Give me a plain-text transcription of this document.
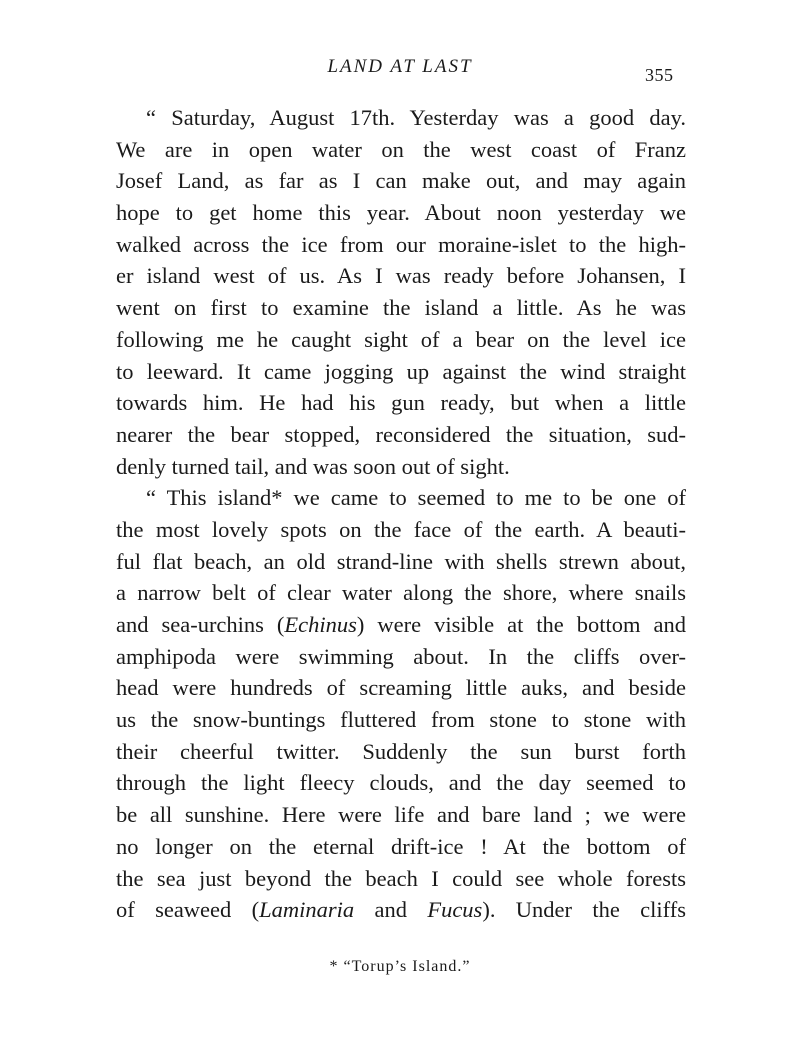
LAND AT LAST	355
“ Saturday, August 17th. Yesterday was a good day.
We are in open water on the west coast of Franz
Josef Land, as far as I can make out, and may again
hope to get home this year. About noon yesterday we
walked across the ice from our moraine-islet to the high-
er island west of us. As I was ready before Johansen, I
went on first to examine the island a little. As he was
following me he caught sight of a bear on the level ice
to leeward. It came jogging up against the wind straight
towards him. He had his gun ready, but when a little
nearer the bear stopped, reconsidered the situation, sud-
denly turned tail, and was soon out of sight.
“ This island* we came to seemed to me to be one of
the most lovely spots on the face of the earth. A beauti-
ful flat beach, an old strand-line with shells strewn about,
a narrow belt of clear water along the shore, where snails
and sea-urchins (Echinus) were visible at the bottom and
amphipoda were swimming about. In the cliffs over-
head were hundreds of screaming little auks, and beside
us the snow-buntings fluttered from stone to stone with
their cheerful twitter. Suddenly the sun burst forth
through the light fleecy clouds, and the day seemed to
be all sunshine. Here were life and bare land ; we were
no longer on the eternal drift-ice ! At the bottom of
the sea just beyond the beach I could see whole forests
of seaweed (Laminaria and Fucus). Under the cliffs
* “Torup’s Island.”
